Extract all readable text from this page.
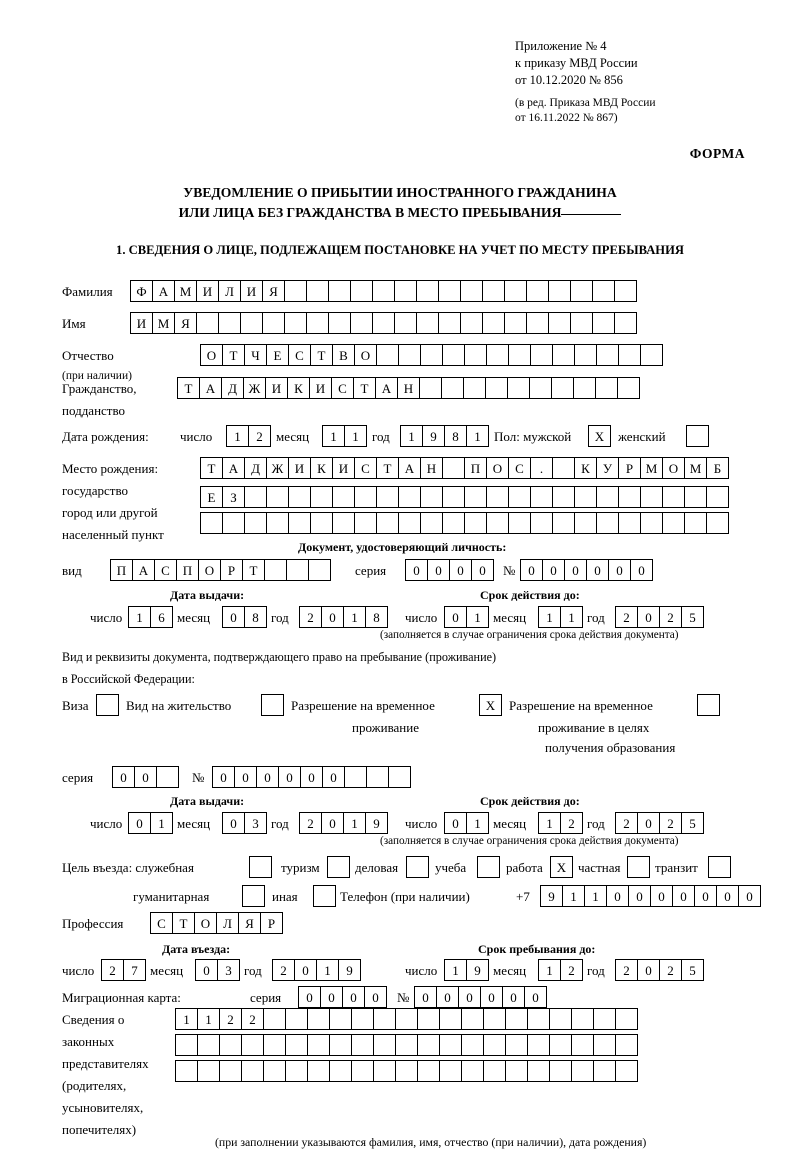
Приложение № 4
к приказу МВД России
от 10.12.2020 № 856
(в ред. Приказа МВД России
от 16.11.2022 № 867)
ФОРМА
УВЕДОМЛЕНИЕ О ПРИБЫТИИ ИНОСТРАННОГО ГРАЖДАНИНА
ИЛИ ЛИЦА БЕЗ ГРАЖДАНСТВА В МЕСТО ПРЕБЫВАНИЯ
1. СВЕДЕНИЯ О ЛИЦЕ, ПОДЛЕЖАЩЕМ ПОСТАНОВКЕ НА УЧЕТ ПО МЕСТУ ПРЕБЫВАНИЯ
Фамилия	Ф А М И Л И Я
Имя	И М Я
Отчество
(при наличии)
О Т Ч Е С Т В О
Гражданство,
подданство
Т А Д Ж И К И С Т А Н
Дата рождения: число	1 2	месяц	1 1	год	1 9 8 1	Пол: мужской	Х	женский
Место рождения:
государство
город или другой
населенный пункт
Т А Д Ж И К И С Т А Н	П О С .	К У Р М О М Б
Е З
Документ, удостоверяющий личность:
вид	П А С П О Р Т	серия	0 0 0 0	№ 0 0 0 0 0 0
Дата выдачи:	Срок действия до:
число	1 6 месяц	0 8 год	2 0 1 8	число	0 1 месяц	1 1 год	2 0 2 5
(заполняется в случае ограничения срока действия документа)
Вид и реквизиты документа, подтверждающего право на пребывание (проживание)
в Российской Федерации:
Виза	Вид на жительство	Разрешение на временное
проживание
Х	Разрешение на временное
проживание в целях
получения образования
серия	0 0	№	0 0 0 0 0 0
Дата выдачи:	Срок действия до:
число	0 1 месяц	0 3 год	2 0 1 9	число	0 1 месяц	1 2 год	2 0 2 5
(заполняется в случае ограничения срока действия документа)
Цель въезда: служебная	туризм	деловая	учеба	работа	Х частная	транзит
гуманитарная	иная	Телефон (при наличии)	+7	9 1 1 0 0 0 0 0 0 0
Профессия	С Т О Л Я Р
Дата въезда:	Срок пребывания до:
число	2 7 месяц	0 3 год	2 0 1 9	число	1 9 месяц	1 2 год	2 0 2 5
Миграционная карта:	серия	0 0 0 0	№ 0 0 0 0 0 0
Сведения о
законных
представителях
(родителях,
усыновителях,
попечителях)
1 1 2 2
(при заполнении указываются фамилия, имя, отчество (при наличии), дата рождения)
